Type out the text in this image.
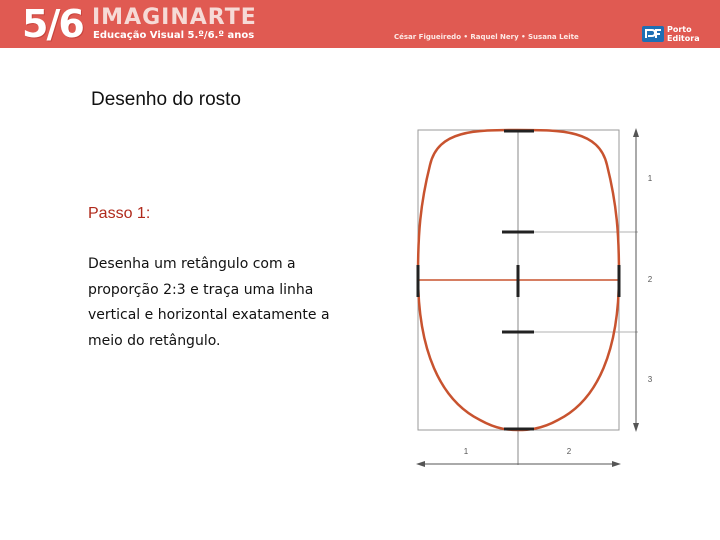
5/6 IMAGINARTE
Educação Visual 5.º/6.º anos	César Figueiredo • Raquel Nery • Susana Leite
Porto Editora
Desenho do rosto
Passo 1:
Desenha um retângulo com a proporção 2:3 e traça uma linha vertical e horizontal exatamente a meio do retângulo.
1
2
3
1	2
